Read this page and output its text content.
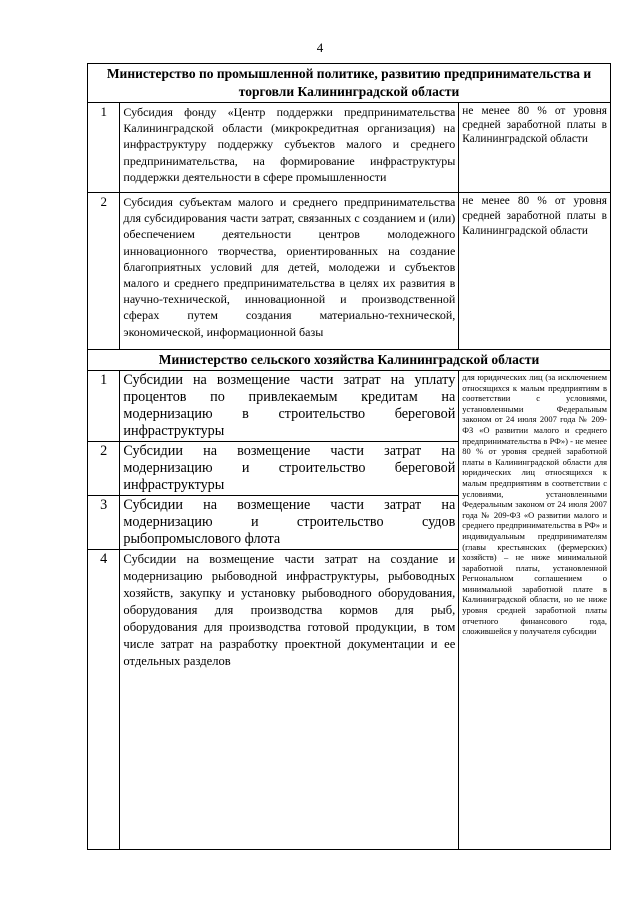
4
Министерство по промышленной политике, развитию предпринимательства и торговли Калининградской области		
1	Субсидия фонду «Центр поддержки предпринимательства Калининградской области (микрокредитная организация) на инфраструктуру поддержку субъектов малого и среднего предпринимательства, на формирование инфраструктуры поддержки деятельности в сфере промышленности	не менее 80 % от уровня средней заработной платы в Калининградской области
2	Субсидия субъектам малого и среднего предпринимательства для субсидирования части затрат, связанных с созданием и (или) обеспечением деятельности центров молодежного инновационного творчества, ориентированных на создание благоприятных условий для детей, молодежи и субъектов малого и среднего предпринимательства в целях их развития в научно-технической, инновационной и производственной сферах путем создания материально-технической, экономической, информационной базы	не менее 80 % от уровня средней заработной платы в Калининградской области
Министерство сельского хозяйства Калининградской области		
1	Субсидии на возмещение части затрат на уплату процентов по привлекаемым кредитам на модернизацию в строительство береговой инфраструктуры	для юридических лиц (за исключением относящихся к малым предприятиям в соответствии с условиями, установленными Федеральным законом от 24 июля 2007 года № 209-ФЗ «О развитии малого и среднего предпринимательства в РФ») - не менее 80 % от уровня средней заработной платы в Калининградской области для юридических лиц относящихся к малым предприятиям в соответствии с условиями, установленными Федеральным законом от 24 июля 2007 года № 209-ФЗ «О развитии малого и среднего предпринимательства в РФ» и индивидуальным предпринимателям (главы крестьянских (фермерских) хозяйств) – не ниже минимальной заработной платы, установленной Регнональном соглашением о минимальной заработной плате в Калининградской области, но не ниже уровня средней заработной платы отчетного финансового года, сложившейся у получателя субсидии
2	Субсидии на возмещение части затрат на модернизацию и строительство береговой инфраструктуры	
3	Субсидии на возмещение части затрат на модернизацию и строительство судов рыбопромыслового флота	
4	Субсидии на возмещение части затрат на создание и модернизацию рыбоводной инфраструктуры, рыбоводных хозяйств, закупку и установку рыбоводного оборудования, оборудования для производства кормов для рыб, оборудования для производства готовой продукции, в том числе затрат на разработку проектной документации и ее отдельных разделов	
